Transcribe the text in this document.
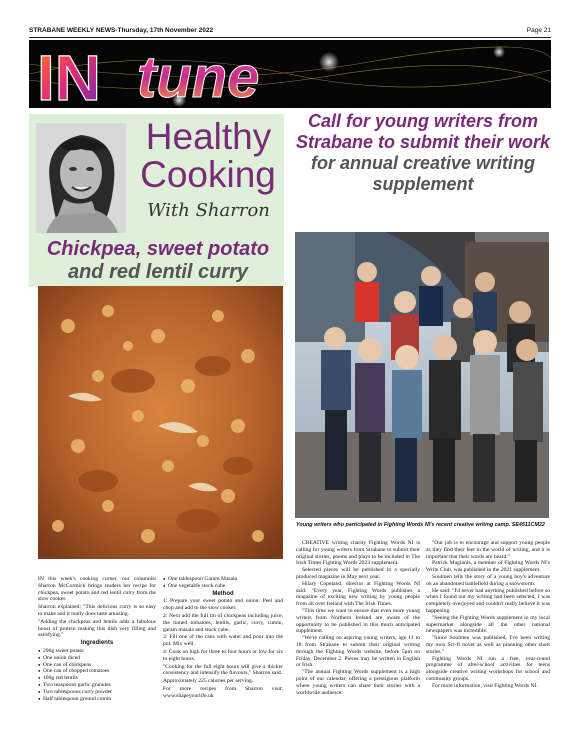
STRABANE WEEKLY NEWS-Thursday, 17th November 2022	Page 21
IN tune
Healthy
Cooking
With Sharron
Chickpea, sweet potato
and red lentil curry

IN this week's cooking corner, our columnist Sharron McCormick brings readers her recipe for chickpea, sweet potato and red lentil curry from the slow cooker.

Sharron explained: "This delicious curry is so easy to make and it really does taste amazing.

"Adding the chickpeas and lentils adds a fabulous boost of protein making this dish very filling and satisfying."

Ingredients
● 200g sweet potato
● One onion diced
● One can of chickpeas
● One can of chopped tomatoes
● 100g red lentils
● Two teaspoons garlic granules
● Two tablespoons curry powder
● Half tablespoon ground cumin
● One tablespoon Garam Masala
● One vegetable stock cube
Method

1: Prepare your sweet potato and onion. Peel and chop and add to the slow cooker.

2: Next add the full tin of chickpeas including juice, the tinned tomatoes, lentils, garlic, curry, cumin, garam masala and stock cube.

3: Fill one of the cans with water and pour into the pot. Mix well.

4: Cook on high for three to four hours or low for six to eight hours.

"Cooking for the full eight hours will give a thicker consistency and intensify the flavours," Sharron said.

Approximately 225 calories per serving.

For more recipes from Sharron visit: www.shapeyourlife.uk

Call for young writers from Strabane to submit their work for annual creative writing supplement
Young writers who participated in Fighting Words NI's recent creative writing camp. SE4511CM22

CREATIVE writing charity Fighting Words NI is calling for young writers from Strabane to submit their original stories, poems and plays to be included in The Irish Times Fighting Words 2023 supplement.

Selected pieces will be published in a specially produced magazine in May next year.

Hilary Copeland, director at Fighting Words NI said: "Every year, Fighting Words publishes a magazine of exciting new writing by young people from all over Ireland with The Irish Times.

"This time we want to ensure that even more young writers from Northern Ireland are aware of the opportunity to be published in this much anticipated supplement.

"We're calling on aspiring young writers, age 11 to 18 from Strabane to submit their original writing through the Fighting Words website, before 5pm on Friday, December 2. Pieces may be written in English or Irish.

"The annual Fighting Words supplement is a high point of our calendar, offering a prestigious platform where young writers can share their stories with a worldwide audience.

"Our job is to encourage and support young people as they find their feet in the world of writing, and it is important that their words are heard."

Patrick Maginnis, a member of Fighting Words NI's Write Club, was published in the 2021 supplement.

Soulmen tells the story of a young boy's adventure on an abandoned battlefield during a snowstorm.

He said: "I'd never had anything published before so when I found out my writing had been selected, I was completely overjoyed and couldn't really believe it was happening.

"Seeing the Fighting Words supplement in my local supermarket alongside all the other national newspapers was incredible.

"Since Soulmen was published, I've been writing my own Sci-fi novel as well as planning other short stories."

Fighting Words NI run a free, year-round programme of after-school activities for teens alongside creative writing workshops for school and community groups.

For more information, visit Fighting Words NI.
